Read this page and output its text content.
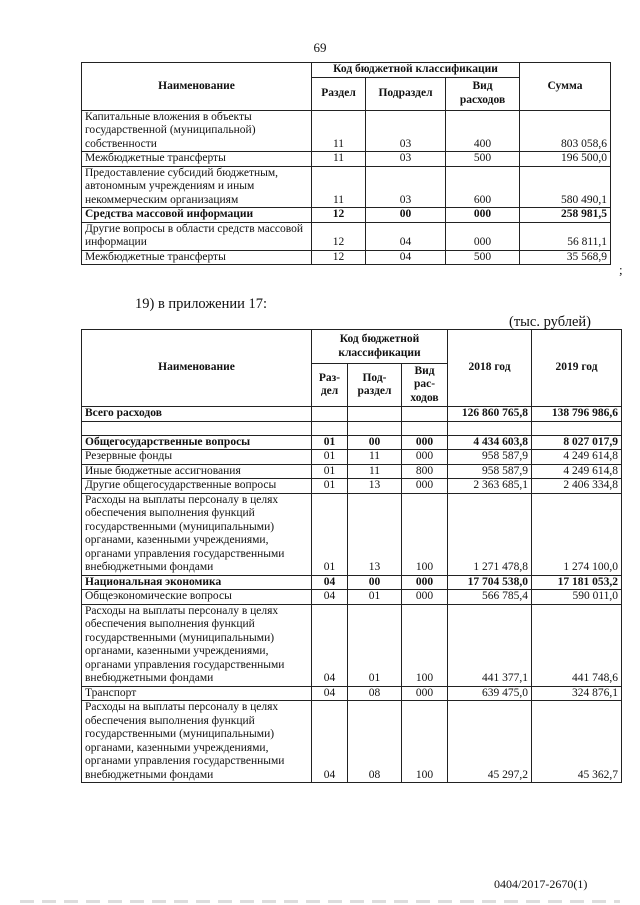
69
Наименование	Код бюджетной классификации			Сумма
	Раздел	Подраздел	Вид расходов	
Капитальные вложения в объекты государственной (муниципальной) собственности	11	03	400	803 058,6
Межбюджетные трансферты	11	03	500	196 500,0
Предоставление субсидий бюджетным, автономным учреждениям и иным некоммерческим организациям	11	03	600	580 490,1
Средства массовой информации	12	00	000	258 981,5
Другие вопросы в области средств массовой информации	12	04	000	56 811,1
Межбюджетные трансферты	12	04	500	35 568,9
;
19) в приложении 17:
(тыс. рублей)
Наименование	Код бюджетной классификации			2018 год	2019 год
	Раз-дел	Под-раздел	Вид рас-ходов		
Всего расходов				126 860 765,8	138 796 986,6

Общегосударственные вопросы	01	00	000	4 434 603,8	8 027 017,9
Резервные фонды	01	11	000	958 587,9	4 249 614,8
Иные бюджетные ассигнования	01	11	800	958 587,9	4 249 614,8
Другие общегосударственные вопросы	01	13	000	2 363 685,1	2 406 334,8
Расходы на выплаты персоналу в целях обеспечения выполнения функций государственными (муниципальными) органами, казенными учреждениями, органами управления государственными внебюджетными фондами	01	13	100	1 271 478,8	1 274 100,0
Национальная экономика	04	00	000	17 704 538,0	17 181 053,2
Общеэкономические вопросы	04	01	000	566 785,4	590 011,0
Расходы на выплаты персоналу в целях обеспечения выполнения функций государственными (муниципальными) органами, казенными учреждениями, органами управления государственными внебюджетными фондами	04	01	100	441 377,1	441 748,6
Транспорт	04	08	000	639 475,0	324 876,1
Расходы на выплаты персоналу в целях обеспечения выполнения функций государственными (муниципальными) органами, казенными учреждениями, органами управления государственными внебюджетными фондами	04	08	100	45 297,2	45 362,7
0404/2017-2670(1)
